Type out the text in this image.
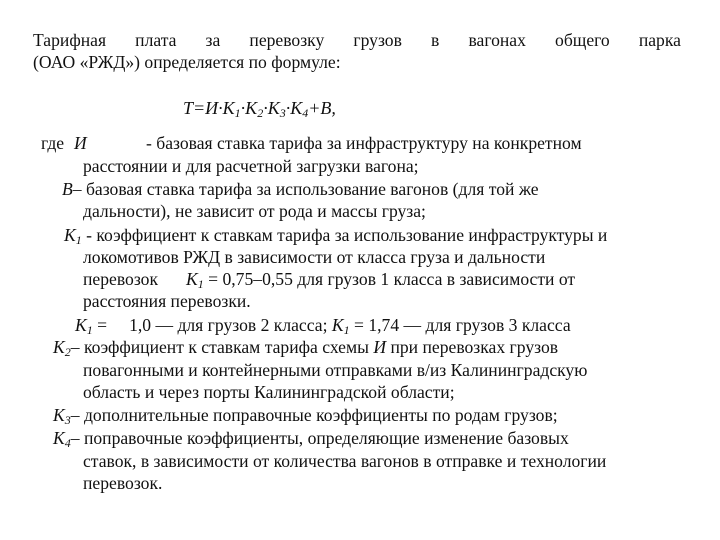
Тарифная плата за перевозку грузов в вагонах общего парка
(ОАО «РЖД») определяется по формуле:
$T=И\cdot K_1\cdot K_2\cdot K_3\cdot K_4+B$,
где И	- базовая ставка тарифа за инфраструктуру на конкретном
расстоянии и для расчетной загрузки вагона;
B– базовая ставка тарифа за использование вагонов (для той же
дальности), не зависит от рода и массы груза;
K1 - коэффициент к ставкам тарифа за использование инфраструктуры и
локомотивов РЖД в зависимости от класса груза и дальности
перевозок K1 = 0,75–0,55 для грузов 1 класса в зависимости от
расстояния перевозки.
K1 =     1,0 — для грузов 2 класса; K1 = 1,74 — для грузов 3 класса
K2– коэффициент к ставкам тарифа схемы И при перевозках грузов
повагонными и контейнерными отправками в/из Калининградскую
область и через порты Калининградской области;
K3– дополнительные поправочные коэффициенты по родам грузов;
K4– поправочные коэффициенты, определяющие изменение базовых
ставок, в зависимости от количества вагонов в отправке и технологии
перевозок.
